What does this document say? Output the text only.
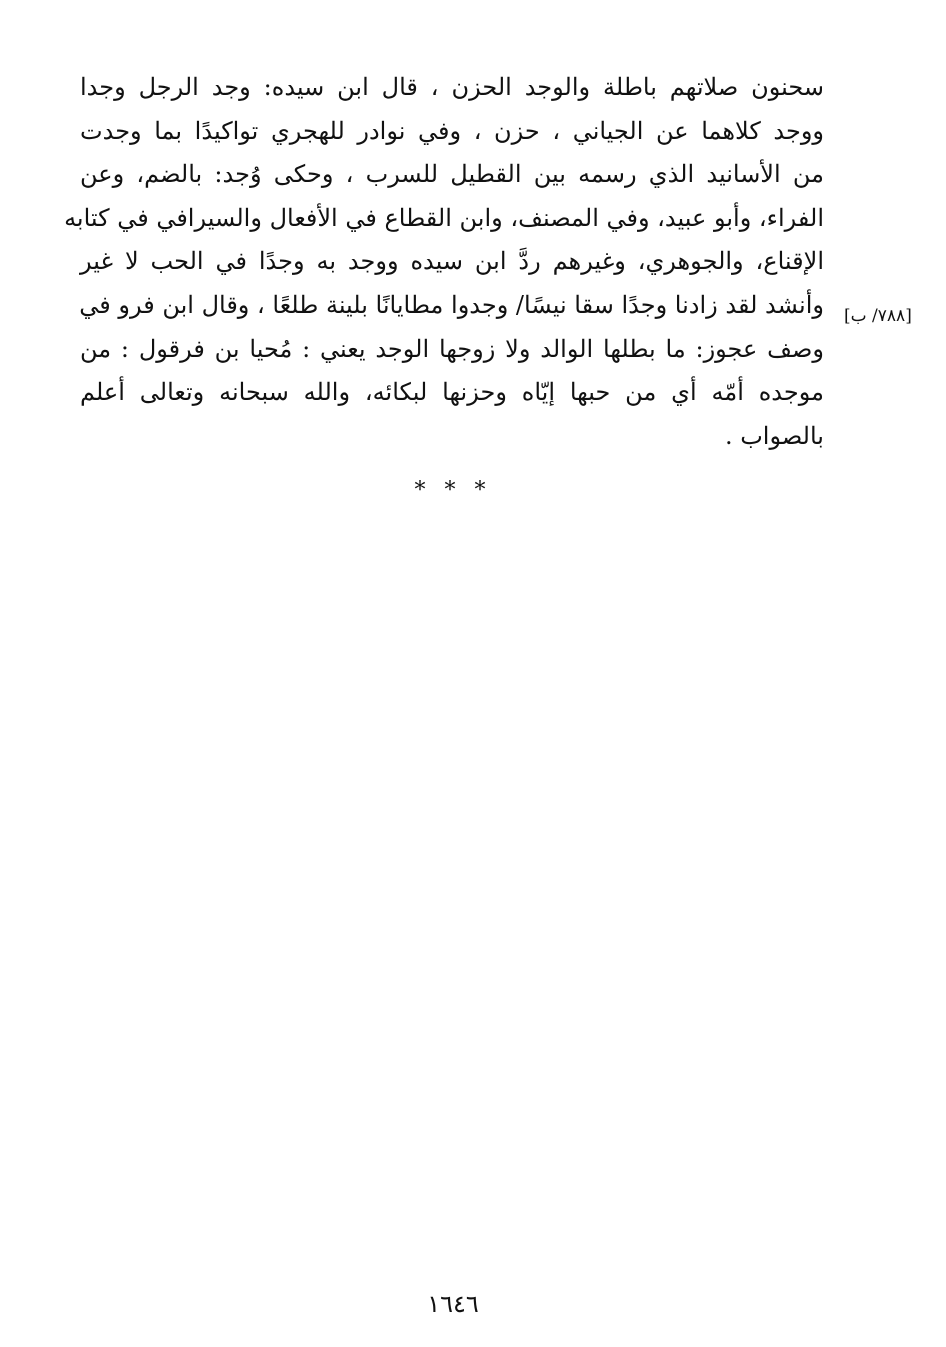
سحنون صلاتهم باطلة والوجد الحزن ، قال ابن سيده: وجد الرجل وجدا
ووجد كلاهما عن الجياني ، حزن ، وفي نوادر للهجري تواكيدًا بما وجدت
من الأسانيد الذي رسمه بين القطيل للسرب ، وحكى وُجد: بالضم، وعن
الفراء، وأبو عبيد، وفي المصنف، وابن القطاع في الأفعال والسيرافي في كتابه
الإقناع، والجوهري، وغيرهم ردَّ ابن سيده ووجد به وجدًا في الحب لا غير
وأنشد لقد زادنا وجدًا سقا نيسًا/ وجدوا مطايانًا بلينة طلعًا ، وقال ابن فرو في
وصف عجوز: ما بطلها الوالد ولا زوجها الوجد يعني : مُحيا بن فرقول : من
موجده أمّه أي من حبها إيّاه وحزنها لبكائه، والله سبحانه وتعالى أعلم
بالصواب .
[٧٨٨/ ب]
* * *
١٦٤٦
